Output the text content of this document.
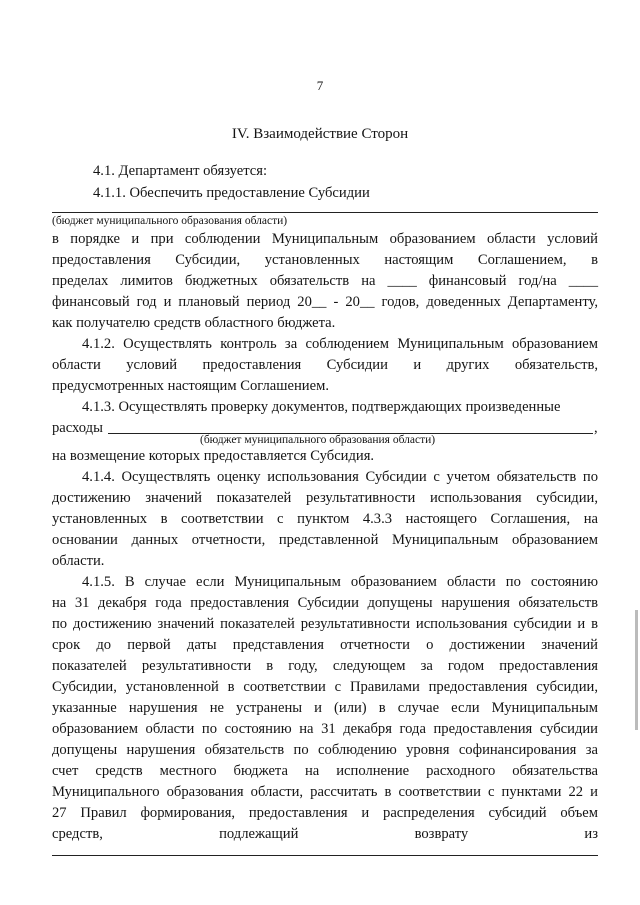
7
IV. Взаимодействие Сторон
4.1. Департамент обязуется:
4.1.1. Обеспечить предоставление Субсидии
(бюджет муниципального образования области)
в порядке и при соблюдении Муниципальным образованием области условий
предоставления Субсидии, установленных настоящим Соглашением, в
пределах лимитов бюджетных обязательств на ____ финансовый год/на ____
финансовый год и плановый период 20__ - 20__ годов, доведенных Департаменту,
как получателю средств областного бюджета.
4.1.2. Осуществлять контроль за соблюдением Муниципальным образованием
области условий предоставления Субсидии и других обязательств,
предусмотренных настоящим Соглашением.
4.1.3. Осуществлять проверку документов, подтверждающих произведенные
расходы	,
(бюджет муниципального образования области)
на возмещение которых предоставляется Субсидия.
4.1.4. Осуществлять оценку использования Субсидии с учетом обязательств по
достижению значений показателей результативности использования субсидии,
установленных в соответствии с пунктом 4.3.3 настоящего Соглашения, на
основании данных отчетности, представленной Муниципальным образованием
области.
4.1.5. В случае если Муниципальным образованием области по состоянию
на 31 декабря года предоставления Субсидии допущены нарушения обязательств
по достижению значений показателей результативности использования субсидии и в
срок до первой даты представления отчетности о достижении значений
показателей результативности в году, следующем за годом предоставления
Субсидии, установленной в соответствии с Правилами предоставления субсидии,
указанные нарушения не устранены и (или) в случае если Муниципальным
образованием области по состоянию на 31 декабря года предоставления субсидии
допущены нарушения обязательств по соблюдению уровня софинансирования за
счет средств местного бюджета на исполнение расходного обязательства
Муниципального образования области, рассчитать в соответствии с пунктами 22 и
27 Правил формирования, предоставления и распределения субсидий объем
средств, подлежащий возврату из
